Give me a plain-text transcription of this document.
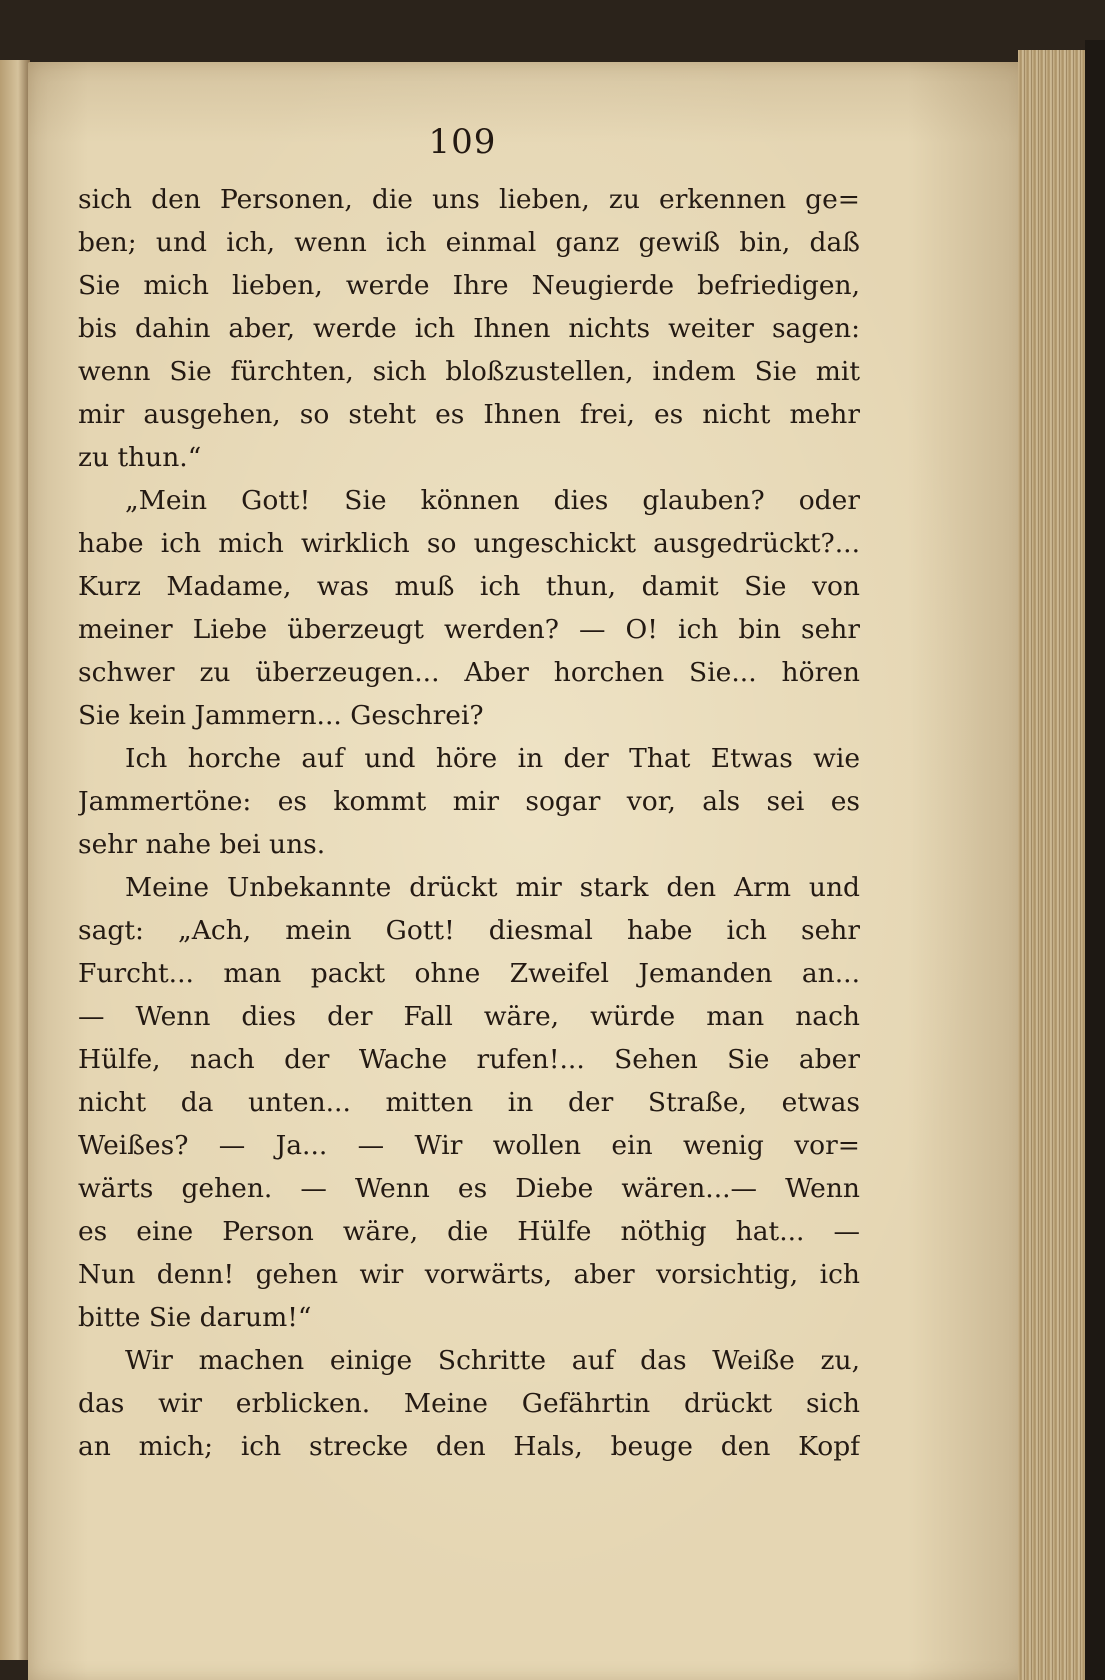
109
sich den Personen, die uns lieben, zu erkennen ge=
ben; und ich, wenn ich einmal ganz gewiß bin, daß
Sie mich lieben, werde Ihre Neugierde befriedigen,
bis dahin aber, werde ich Ihnen nichts weiter sagen:
wenn Sie fürchten, sich bloßzustellen, indem Sie mit
mir ausgehen, so steht es Ihnen frei, es nicht mehr
zu thun.“
„Mein Gott! Sie können dies glauben? oder
habe ich mich wirklich so ungeschickt ausgedrückt?...
Kurz Madame, was muß ich thun, damit Sie von
meiner Liebe überzeugt werden? — O! ich bin sehr
schwer zu überzeugen... Aber horchen Sie... hören
Sie kein Jammern... Geschrei?
Ich horche auf und höre in der That Etwas wie
Jammertöne: es kommt mir sogar vor, als sei es
sehr nahe bei uns.
Meine Unbekannte drückt mir stark den Arm und
sagt: „Ach, mein Gott! diesmal habe ich sehr
Furcht... man packt ohne Zweifel Jemanden an...
— Wenn dies der Fall wäre, würde man nach
Hülfe, nach der Wache rufen!... Sehen Sie aber
nicht da unten... mitten in der Straße, etwas
Weißes? — Ja... — Wir wollen ein wenig vor=
wärts gehen. — Wenn es Diebe wären...— Wenn
es eine Person wäre, die Hülfe nöthig hat... —
Nun denn! gehen wir vorwärts, aber vorsichtig, ich
bitte Sie darum!“
Wir machen einige Schritte auf das Weiße zu,
das wir erblicken. Meine Gefährtin drückt sich
an mich; ich strecke den Hals, beuge den Kopf
